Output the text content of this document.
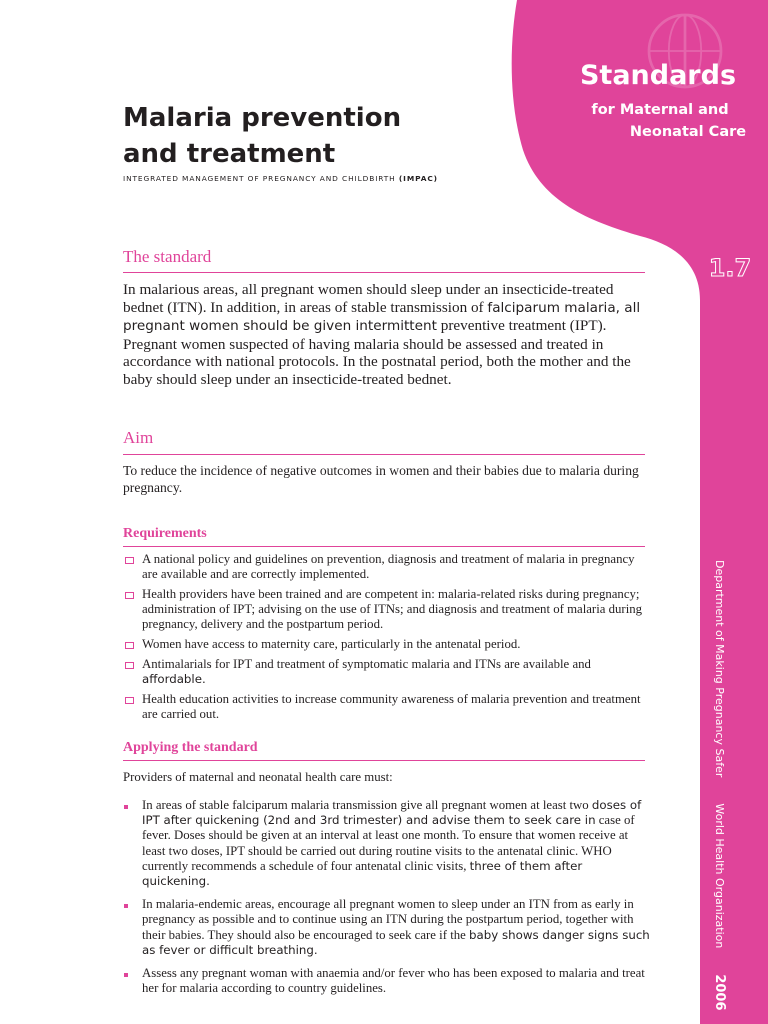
Standards
for Maternal and
Neonatal Care
1.7
Department of Making Pregnancy SaferWorld Health Organization2006
Malaria prevention
and treatment
INTEGRATED MANAGEMENT OF PREGNANCY AND CHILDBIRTH (IMPAC)
The standard
In malarious areas, all pregnant women should sleep under an insecticide-treated bednet (ITN). In addition, in areas of stable transmission of falciparum malaria, all pregnant women should be given intermittent preventive treatment (IPT). Pregnant women suspected of having malaria should be assessed and treated in accordance with national protocols. In the postnatal period, both the mother and the baby should sleep under an insecticide-treated bednet.
Aim
To reduce the incidence of negative outcomes in women and their babies due to malaria during pregnancy.
Requirements
A national policy and guidelines on prevention, diagnosis and treatment of malaria in pregnancy are available and are correctly implemented.
Health providers have been trained and are competent in: malaria-related risks during pregnancy; administration of IPT; advising on the use of ITNs; and diagnosis and treatment of malaria during pregnancy, delivery and the postpartum period.
Women have access to maternity care, particularly in the antenatal period.
Antimalarials for IPT and treatment of symptomatic malaria and ITNs are available and affordable.
Health education activities to increase community awareness of malaria prevention and treatment are carried out.
Applying the standard
Providers of maternal and neonatal health care must:
In areas of stable falciparum malaria transmission give all pregnant women at least two doses of IPT after quickening (2nd and 3rd trimester) and advise them to seek care in case of fever. Doses should be given at an interval at least one month. To ensure that women receive at least two doses, IPT should be carried out during routine visits to the antenatal clinic. WHO currently recommends a schedule of four antenatal clinic visits, three of them after quickening.
In malaria-endemic areas, encourage all pregnant women to sleep under an ITN from as early in pregnancy as possible and to continue using an ITN during the postpartum period, together with their babies. They should also be encouraged to seek care if the baby shows danger signs such as fever or difficult breathing.
Assess any pregnant woman with anaemia and/or fever who has been exposed to malaria and treat her for malaria according to country guidelines.
